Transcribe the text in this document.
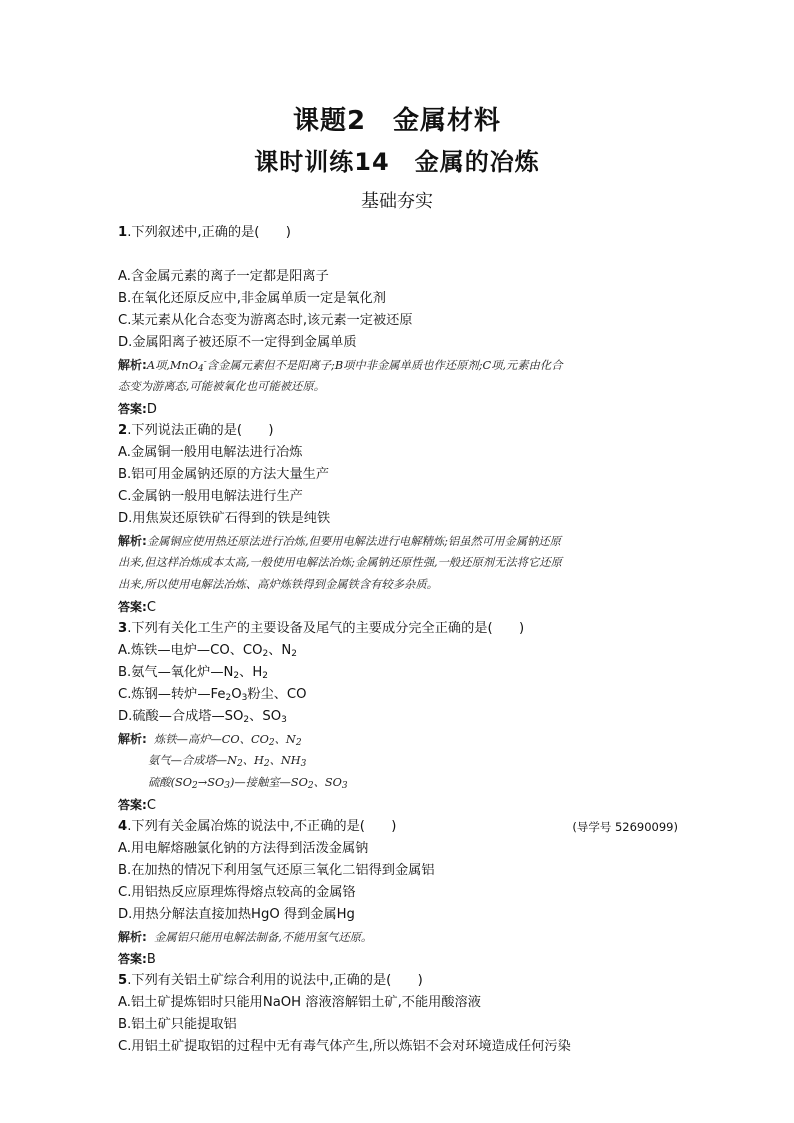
课题2　金属材料
课时训练14　金属的冶炼
基础夯实
1.下列叙述中,正确的是(　　)
A.含金属元素的离子一定都是阳离子
B.在氧化还原反应中,非金属单质一定是氧化剂
C.某元素从化合态变为游离态时,该元素一定被还原
D.金属阳离子被还原不一定得到金属单质
解析:A项,MnO$_4$-含金属元素但不是阳离子;B项中非金属单质也作还原剂;C项,元素由化合
态变为游离态,可能被氧化也可能被还原。
答案:D
2.下列说法正确的是(　　)
A.金属铜一般用电解法进行冶炼
B.铝可用金属钠还原的方法大量生产
C.金属钠一般用电解法进行生产
D.用焦炭还原铁矿石得到的铁是纯铁
解析:金属铜应使用热还原法进行冶炼,但要用电解法进行电解精炼;铝虽然可用金属钠还原
出来,但这样冶炼成本太高,一般使用电解法冶炼;金属钠还原性强,一般还原剂无法将它还原
出来,所以使用电解法冶炼、高炉炼铁得到金属铁含有较多杂质。
答案:C
3.下列有关化工生产的主要设备及尾气的主要成分完全正确的是(　　)
A.炼铁—电炉—CO、$CO_2$、$N_2$
B.氨气—氧化炉$—N_2$、$H_2$
C.炼钢—转炉$—Fe_2O_3$粉尘、CO
D.硫酸—合成塔$—SO_2$、$SO_3$
解析: 炼铁—高炉—CO、$CO_2$、$N_2$
氨气—合成塔$—N_2$、$H_2$、$NH_3$
硫酸$(SO_2\to SO_3)—$接触室$—SO_2$、$SO_3$
答案:C
4.下列有关金属冶炼的说法中,不正确的是(　　)	(导学号 52690099)
A.用电解熔融氯化钠的方法得到活泼金属钠
B.在加热的情况下利用氢气还原三氧化二铝得到金属铝
C.用铝热反应原理炼得熔点较高的金属铬
D.用热分解法直接加热HgO 得到金属Hg
解析: 金属铝只能用电解法制备,不能用氢气还原。
答案:B
5.下列有关铝土矿综合利用的说法中,正确的是(　　)
A.铝土矿提炼铝时只能用NaOH 溶液溶解铝土矿,不能用酸溶液
B.铝土矿只能提取铝
C.用铝土矿提取铝的过程中无有毒气体产生,所以炼铝不会对环境造成任何污染
